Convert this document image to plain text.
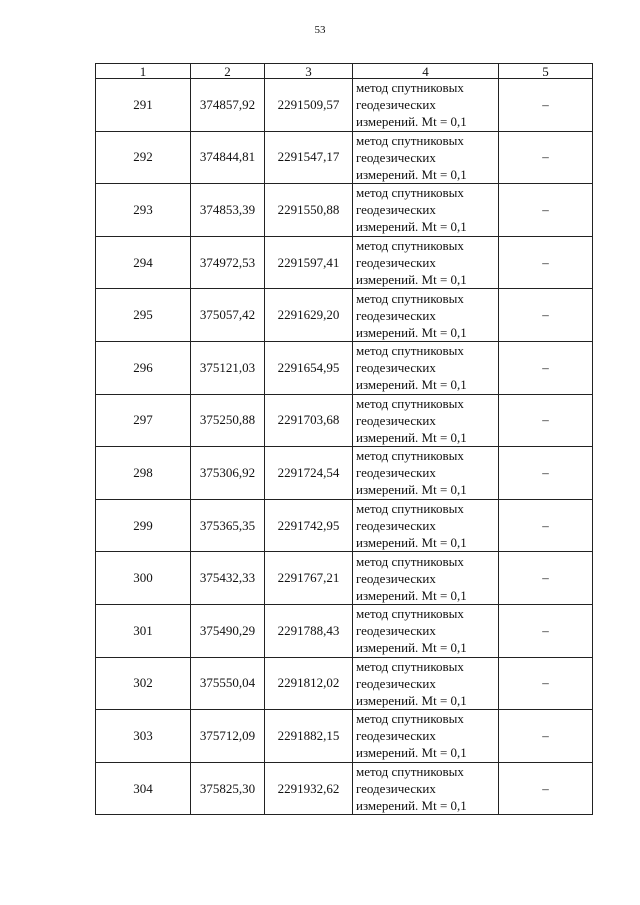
53
1	2	3	4	5
291	374857,92	2291509,57	метод спутниковых геодезических измерений. Mt = 0,1	–
292	374844,81	2291547,17	метод спутниковых геодезических измерений. Mt = 0,1	–
293	374853,39	2291550,88	метод спутниковых геодезических измерений. Mt = 0,1	–
294	374972,53	2291597,41	метод спутниковых геодезических измерений. Mt = 0,1	–
295	375057,42	2291629,20	метод спутниковых геодезических измерений. Mt = 0,1	–
296	375121,03	2291654,95	метод спутниковых геодезических измерений. Mt = 0,1	–
297	375250,88	2291703,68	метод спутниковых геодезических измерений. Mt = 0,1	–
298	375306,92	2291724,54	метод спутниковых геодезических измерений. Mt = 0,1	–
299	375365,35	2291742,95	метод спутниковых геодезических измерений. Mt = 0,1	–
300	375432,33	2291767,21	метод спутниковых геодезических измерений. Mt = 0,1	–
301	375490,29	2291788,43	метод спутниковых геодезических измерений. Mt = 0,1	–
302	375550,04	2291812,02	метод спутниковых геодезических измерений. Mt = 0,1	–
303	375712,09	2291882,15	метод спутниковых геодезических измерений. Mt = 0,1	–
304	375825,30	2291932,62	метод спутниковых геодезических измерений. Mt = 0,1	–
